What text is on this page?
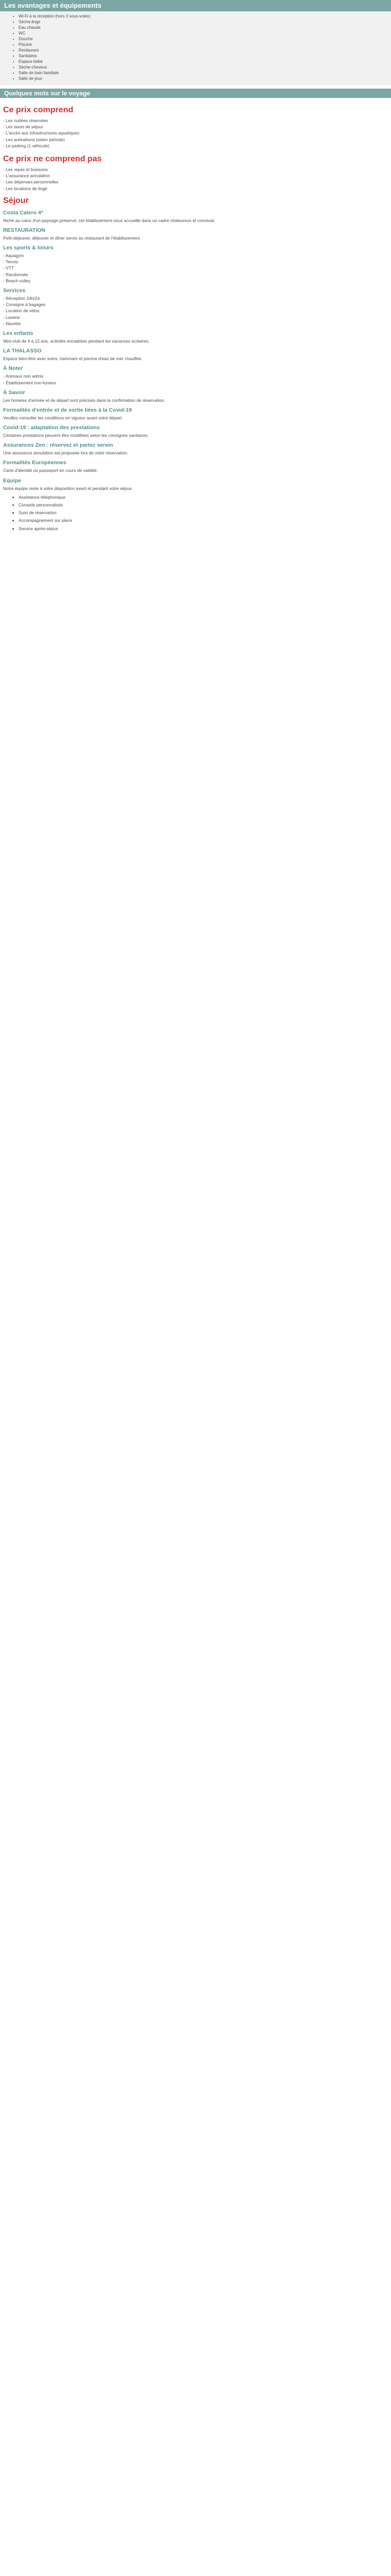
Les avantages et équipements
• Wi-Fi à la réception (hors 2 sous-voies)
• Sèche-linge
• Eau chaude
• WC
• Douche
• Piscine
• Restaurant
• Sanitaires
• Espace bébé
• Sèche-cheveux
• Salle de bain familiale
• Salle de jeux
Quelques mots sur le voyage
Ce prix comprend
- Les nuitées réservées
- Les taxes de séjour
- L'accès aux infrastructures aquatiques
- Les animations (selon période)
- Le parking (1 véhicule)
Ce prix ne comprend pas
- Les repas et boissons
- L'assurance annulation
- Les dépenses personnelles
- Les locations de linge
Séjour
Costa Calero 4*

Niché au cœur d'un paysage préservé, cet établissement vous accueille dans un cadre chaleureux et convivial.

RESTAURATION

Petit-déjeuner, déjeuner et dîner servis au restaurant de l'établissement.

Les sports & loisirs
- Aquagym
- Tennis
- VTT
- Randonnée
- Beach-volley
Services
- Réception 24h/24
- Consigne à bagages
- Location de vélos
- Laverie
- Navette
Les enfants

Mini-club de 4 à 12 ans, activités encadrées pendant les vacances scolaires.

LA THALASSO

Espace bien-être avec soins, hammam et piscine d'eau de mer chauffée.

À Noter
- Animaux non admis
- Établissement non-fumeur
À Savoir

Les horaires d'arrivée et de départ sont précisés dans la confirmation de réservation.

Formalités d'entrée et de sortie liées à la Covid-19

Veuillez consulter les conditions en vigueur avant votre départ.

Covid-19 : adaptation des prestations

Certaines prestations peuvent être modifiées selon les consignes sanitaires.

Assurances Zen : réservez et partez serein

Une assurance annulation est proposée lors de votre réservation.

Formalités Européennes

Carte d'identité ou passeport en cours de validité.

Equipe

Notre équipe reste à votre disposition avant et pendant votre séjour.

• Assistance téléphonique
• Conseils personnalisés
• Suivi de réservation
• Accompagnement sur place
• Service après-séjour
